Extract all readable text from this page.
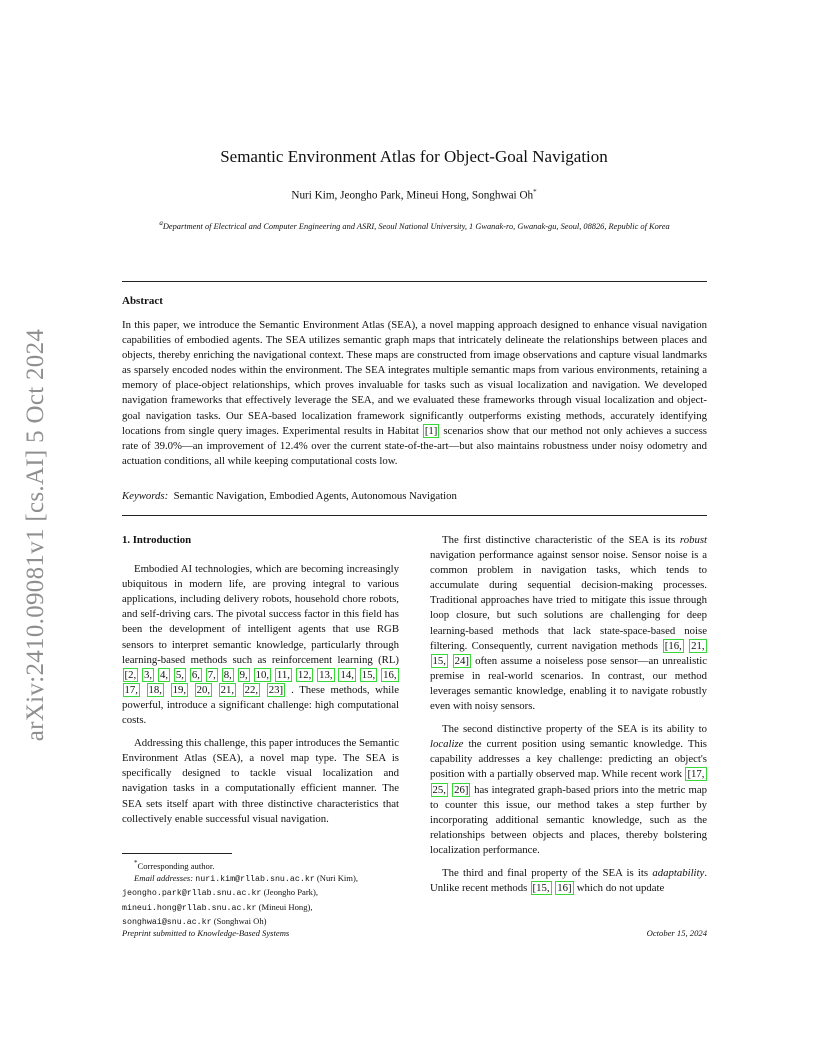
arXiv:2410.09081v1 [cs.AI] 5 Oct 2024
Semantic Environment Atlas for Object-Goal Navigation
Nuri Kim, Jeongho Park, Mineui Hong, Songhwai Oh*
$^a$Department of Electrical and Computer Engineering and ASRI, Seoul National University, 1 Gwanak-ro, Gwanak-gu, Seoul, 08826, Republic of Korea
Abstract
In this paper, we introduce the Semantic Environment Atlas (SEA), a novel mapping approach designed to enhance visual navigation capabilities of embodied agents. The SEA utilizes semantic graph maps that intricately delineate the relationships between places and objects, thereby enriching the navigational context. These maps are constructed from image observations and capture visual landmarks as sparsely encoded nodes within the environment. The SEA integrates multiple semantic maps from various environments, retaining a memory of place-object relationships, which proves invaluable for tasks such as visual localization and navigation. We developed navigation frameworks that effectively leverage the SEA, and we evaluated these frameworks through visual localization and object-goal navigation tasks. Our SEA-based localization framework significantly outperforms existing methods, accurately identifying locations from single query images. Experimental results in Habitat [1] scenarios show that our method not only achieves a success rate of 39.0%—an improvement of 12.4% over the current state-of-the-art—but also maintains robustness under noisy odometry and actuation conditions, all while keeping computational costs low.
Keywords: Semantic Navigation, Embodied Agents, Autonomous Navigation

1. Introduction

Embodied AI technologies, which are becoming increasingly ubiquitous in modern life, are proving integral to various applications, including delivery robots, household chore robots, and self-driving cars. The pivotal success factor in this field has been the development of intelligent agents that use RGB sensors to interpret semantic knowledge, particularly through learning-based methods such as reinforcement learning (RL) [2, 3, 4, 5, 6, 7, 8, 9, 10, 11, 12, 13, 14, 15, 16, 17, 18, 19, 20, 21, 22, 23] . These methods, while powerful, introduce a significant challenge: high computational costs.

Addressing this challenge, this paper introduces the Semantic Environment Atlas (SEA), a novel map type. The SEA is specifically designed to tackle visual localization and navigation tasks in a computationally efficient manner. The SEA sets itself apart with three distinctive characteristics that collectively enable successful visual navigation.

The first distinctive characteristic of the SEA is its robust navigation performance against sensor noise. Sensor noise is a common problem in navigation tasks, which tends to accumulate during sequential decision-making processes. Traditional approaches have tried to mitigate this issue through loop closure, but such solutions are challenging for deep learning-based methods that lack state-space-based noise filtering. Consequently, current navigation methods [16, 21, 15, 24] often assume a noiseless pose sensor—an unrealistic premise in real-world scenarios. In contrast, our method leverages semantic knowledge, enabling it to navigate robustly even with noisy sensors.

The second distinctive property of the SEA is its ability to localize the current position using semantic knowledge. This capability addresses a key challenge: predicting an object's position with a partially observed map. While recent work [17, 25, 26] has integrated graph-based priors into the metric map to counter this issue, our method takes a step further by incorporating additional semantic knowledge, such as the relationships between objects and places, thereby bolstering localization performance.

The third and final property of the SEA is its adaptability. Unlike recent methods [15, 16] which do not update

*Corresponding author.
Email addresses: nuri.kim@rllab.snu.ac.kr (Nuri Kim), jeongho.park@rllab.snu.ac.kr (Jeongho Park), mineui.hong@rllab.snu.ac.kr (Mineui Hong), songhwai@snu.ac.kr (Songhwai Oh)
Preprint submitted to Knowledge-Based Systems	October 15, 2024
